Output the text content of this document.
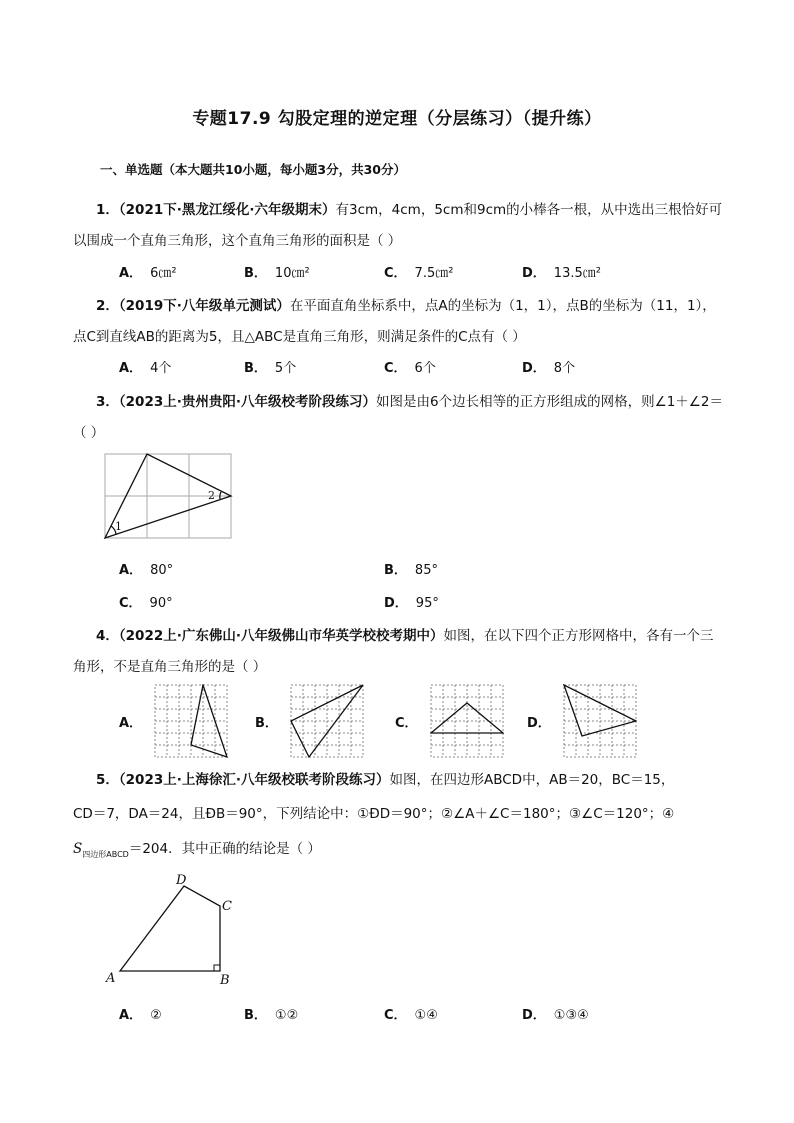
专题17.9 勾股定理的逆定理（分层练习）（提升练）
一、单选题（本大题共10小题，每小题3分，共30分）
1．（2021下·黑龙江绥化·六年级期末）有3cm，4cm，5cm和9cm的小棒各一根，从中选出三根恰好可
以围成一个直角三角形，这个直角三角形的面积是（ ）
A． 6㎝²	B． 10㎝²	C． 7.5㎝²	D． 13.5㎝²
2．（2019下·八年级单元测试）在平面直角坐标系中，点A的坐标为（1，1），点B的坐标为（11，1），
点C到直线AB的距离为5，且△ABC是直角三角形，则满足条件的C点有（ ）
A． 4个	B． 5个	C． 6个	D． 8个
3．（2023上·贵州贵阳·八年级校考阶段练习）如图是由6个边长相等的正方形组成的网格，则∠1＋∠2＝
（ ）
1
2
A． 80°	B． 85°
C． 90°	D． 95°
4．（2022上·广东佛山·八年级佛山市华英学校校考期中）如图，在以下四个正方形网格中，各有一个三
角形，不是直角三角形的是（ ）
A．	B．	C．	D．
5．（2023上·上海徐汇·八年级校联考阶段练习）如图，在四边形ABCD中，AB＝20，BC＝15，
CD＝7，DA＝24，且ÐB＝90°，下列结论中：①ÐD＝90°；②∠A＋∠C＝180°；③∠C＝120°；④
$S_{四边形ABCD}=204$．其中正确的结论是（ ）
D
C
A	B
A． ②	B． ①②	C． ①④	D． ①③④
